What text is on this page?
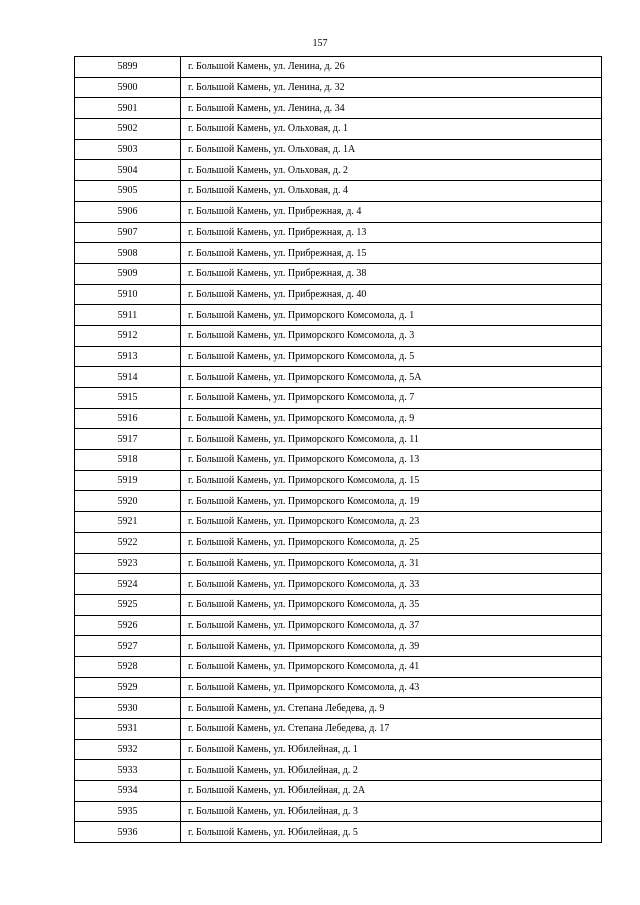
157
5899	г. Большой Камень, ул. Ленина, д. 26
5900	г. Большой Камень, ул. Ленина, д. 32
5901	г. Большой Камень, ул. Ленина, д. 34
5902	г. Большой Камень, ул. Ольховая, д. 1
5903	г. Большой Камень, ул. Ольховая, д. 1А
5904	г. Большой Камень, ул. Ольховая, д. 2
5905	г. Большой Камень, ул. Ольховая, д. 4
5906	г. Большой Камень, ул. Прибрежная, д. 4
5907	г. Большой Камень, ул. Прибрежная, д. 13
5908	г. Большой Камень, ул. Прибрежная, д. 15
5909	г. Большой Камень, ул. Прибрежная, д. 38
5910	г. Большой Камень, ул. Прибрежная, д. 40
5911	г. Большой Камень, ул. Приморского Комсомола, д. 1
5912	г. Большой Камень, ул. Приморского Комсомола, д. 3
5913	г. Большой Камень, ул. Приморского Комсомола, д. 5
5914	г. Большой Камень, ул. Приморского Комсомола, д. 5А
5915	г. Большой Камень, ул. Приморского Комсомола, д. 7
5916	г. Большой Камень, ул. Приморского Комсомола, д. 9
5917	г. Большой Камень, ул. Приморского Комсомола, д. 11
5918	г. Большой Камень, ул. Приморского Комсомола, д. 13
5919	г. Большой Камень, ул. Приморского Комсомола, д. 15
5920	г. Большой Камень, ул. Приморского Комсомола, д. 19
5921	г. Большой Камень, ул. Приморского Комсомола, д. 23
5922	г. Большой Камень, ул. Приморского Комсомола, д. 25
5923	г. Большой Камень, ул. Приморского Комсомола, д. 31
5924	г. Большой Камень, ул. Приморского Комсомола, д. 33
5925	г. Большой Камень, ул. Приморского Комсомола, д. 35
5926	г. Большой Камень, ул. Приморского Комсомола, д. 37
5927	г. Большой Камень, ул. Приморского Комсомола, д. 39
5928	г. Большой Камень, ул. Приморского Комсомола, д. 41
5929	г. Большой Камень, ул. Приморского Комсомола, д. 43
5930	г. Большой Камень, ул. Степана Лебедева, д. 9
5931	г. Большой Камень, ул. Степана Лебедева, д. 17
5932	г. Большой Камень, ул. Юбилейная, д. 1
5933	г. Большой Камень, ул. Юбилейная, д. 2
5934	г. Большой Камень, ул. Юбилейная, д. 2А
5935	г. Большой Камень, ул. Юбилейная, д. 3
5936	г. Большой Камень, ул. Юбилейная, д. 5
